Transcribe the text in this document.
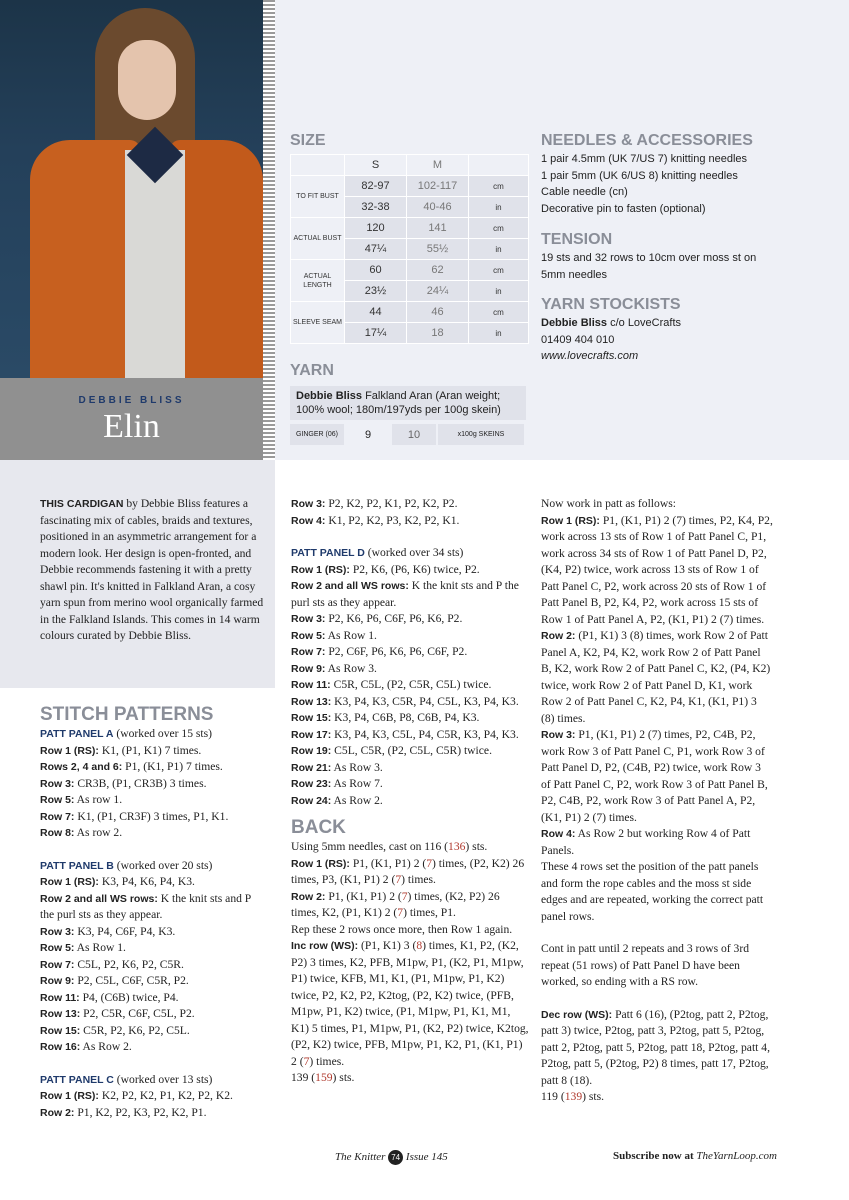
DEBBIE BLISS
Elin
SIZE
	S	M	
TO FIT BUST	82-97	102-117	cm
	32-38	40-46	in
ACTUAL BUST	120	141	cm
	47¼	55½	in
ACTUAL LENGTH	60	62	cm
	23½	24¼	in
SLEEVE SEAM	44	46	cm
	17¼	18	in
YARN
Debbie Bliss Falkland Aran (Aran weight; 100% wool; 180m/197yds per 100g skein)
GINGER (06)	9	10	x100g SKEINS
NEEDLES & ACCESSORIES
1 pair 4.5mm (UK 7/US 7) knitting needles
1 pair 5mm (UK 6/US 8) knitting needles
Cable needle (cn)
Decorative pin to fasten (optional)
TENSION
19 sts and 32 rows to 10cm over moss st on 5mm needles
YARN STOCKISTS
Debbie Bliss c/o LoveCrafts
01409 404 010
www.lovecrafts.com

THIS CARDIGAN by Debbie Bliss features a fascinating mix of cables, braids and textures, positioned in an asymmetric arrangement for a modern look. Her design is open-fronted, and Debbie recommends fastening it with a pretty shawl pin. It's knitted in Falkland Aran, a cosy yarn spun from merino wool organically farmed in the Falkland Islands. This comes in 14 warm colours curated by Debbie Bliss.

STITCH PATTERNS

PATT PANEL A (worked over 15 sts)

Row 1 (RS): K1, (P1, K1) 7 times.

Rows 2, 4 and 6: P1, (K1, P1) 7 times.

Row 3: CR3B, (P1, CR3B) 3 times.

Row 5: As row 1.

Row 7: K1, (P1, CR3F) 3 times, P1, K1.

Row 8: As row 2.

PATT PANEL B (worked over 20 sts)

Row 1 (RS): K3, P4, K6, P4, K3.

Row 2 and all WS rows: K the knit sts and P the purl sts as they appear.

Row 3: K3, P4, C6F, P4, K3.

Row 5: As Row 1.

Row 7: C5L, P2, K6, P2, C5R.

Row 9: P2, C5L, C6F, C5R, P2.

Row 11: P4, (C6B) twice, P4.

Row 13: P2, C5R, C6F, C5L, P2.

Row 15: C5R, P2, K6, P2, C5L.

Row 16: As Row 2.

PATT PANEL C (worked over 13 sts)

Row 1 (RS): K2, P2, K2, P1, K2, P2, K2.

Row 2: P1, K2, P2, K3, P2, K2, P1.

Row 3: P2, K2, P2, K1, P2, K2, P2.

Row 4: K1, P2, K2, P3, K2, P2, K1.

PATT PANEL D (worked over 34 sts)

Row 1 (RS): P2, K6, (P6, K6) twice, P2.

Row 2 and all WS rows: K the knit sts and P the purl sts as they appear.

Row 3: P2, K6, P6, C6F, P6, K6, P2.

Row 5: As Row 1.

Row 7: P2, C6F, P6, K6, P6, C6F, P2.

Row 9: As Row 3.

Row 11: C5R, C5L, (P2, C5R, C5L) twice.

Row 13: K3, P4, K3, C5R, P4, C5L, K3, P4, K3.

Row 15: K3, P4, C6B, P8, C6B, P4, K3.

Row 17: K3, P4, K3, C5L, P4, C5R, K3, P4, K3.

Row 19: C5L, C5R, (P2, C5L, C5R) twice.

Row 21: As Row 3.

Row 23: As Row 7.

Row 24: As Row 2.

BACK

Using 5mm needles, cast on 116 (136) sts.

Row 1 (RS): P1, (K1, P1) 2 (7) times, (P2, K2) 26 times, P3, (K1, P1) 2 (7) times.

Row 2: P1, (K1, P1) 2 (7) times, (K2, P2) 26 times, K2, (P1, K1) 2 (7) times, P1.

Rep these 2 rows once more, then Row 1 again.

Inc row (WS): (P1, K1) 3 (8) times, K1, P2, (K2, P2) 3 times, K2, PFB, M1pw, P1, (K2, P1, M1pw, P1) twice, KFB, M1, K1, (P1, M1pw, P1, K2) twice, P2, K2, P2, K2tog, (P2, K2) twice, (PFB, M1pw, P1, K2) twice, (P1, M1pw, P1, K1, M1, K1) 5 times, P1, M1pw, P1, (K2, P2) twice, K2tog, (P2, K2) twice, PFB, M1pw, P1, K2, P1, (K1, P1) 2 (7) times.

139 (159) sts.

Now work in patt as follows:

Row 1 (RS): P1, (K1, P1) 2 (7) times, P2, K4, P2, work across 13 sts of Row 1 of Patt Panel C, P1, work across 34 sts of Row 1 of Patt Panel D, P2, (K4, P2) twice, work across 13 sts of Row 1 of Patt Panel C, P2, work across 20 sts of Row 1 of Patt Panel B, P2, K4, P2, work across 15 sts of Row 1 of Patt Panel A, P2, (K1, P1) 2 (7) times.

Row 2: (P1, K1) 3 (8) times, work Row 2 of Patt Panel A, K2, P4, K2, work Row 2 of Patt Panel B, K2, work Row 2 of Patt Panel C, K2, (P4, K2) twice, work Row 2 of Patt Panel D, K1, work Row 2 of Patt Panel C, K2, P4, K1, (K1, P1) 3 (8) times.

Row 3: P1, (K1, P1) 2 (7) times, P2, C4B, P2, work Row 3 of Patt Panel C, P1, work Row 3 of Patt Panel D, P2, (C4B, P2) twice, work Row 3 of Patt Panel C, P2, work Row 3 of Patt Panel B, P2, C4B, P2, work Row 3 of Patt Panel A, P2, (K1, P1) 2 (7) times.

Row 4: As Row 2 but working Row 4 of Patt Panels.

These 4 rows set the position of the patt panels and form the rope cables and the moss st side edges and are repeated, working the correct patt panel rows.

Cont in patt until 2 repeats and 3 rows of 3rd repeat (51 rows) of Patt Panel D have been worked, so ending with a RS row.

Dec row (WS): Patt 6 (16), (P2tog, patt 2, P2tog, patt 3) twice, P2tog, patt 3, P2tog, patt 5, P2tog, patt 2, P2tog, patt 5, P2tog, patt 18, P2tog, patt 4, P2tog, patt 5, (P2tog, P2) 8 times, patt 17, P2tog, patt 8 (18).

119 (139) sts.

The Knitter 74 Issue 145	Subscribe now at TheYarnLoop.com
